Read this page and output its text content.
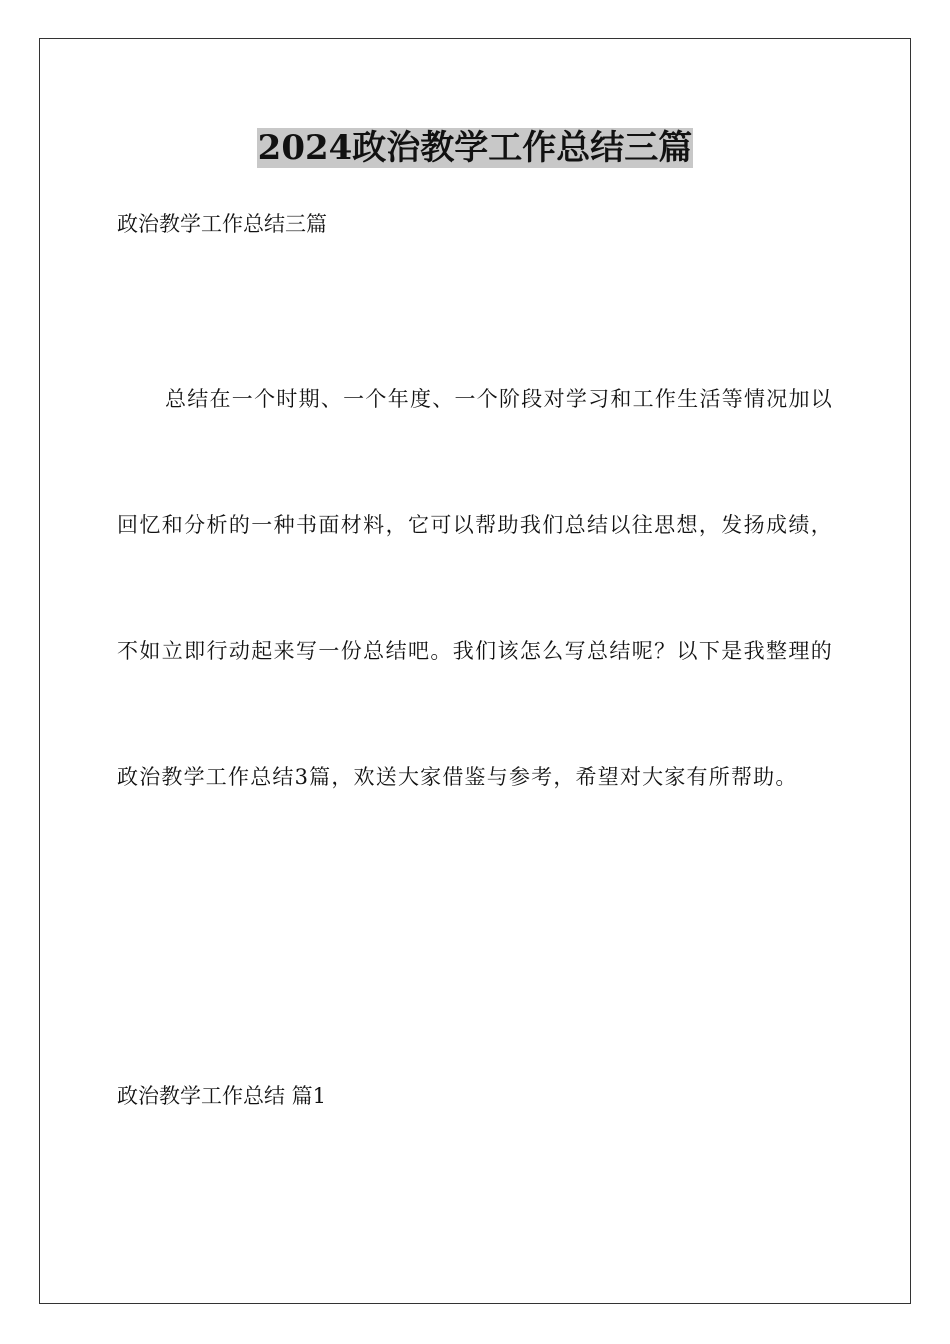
2024政治教学工作总结三篇
政治教学工作总结三篇

总结在一个时期、一个年度、一个阶段对学习和工作生活等情况加以回忆和分析的一种书面材料，它可以帮助我们总结以往思想，发扬成绩，不如立即行动起来写一份总结吧。我们该怎么写总结呢？以下是我整理的政治教学工作总结3篇，欢送大家借鉴与参考，希望对大家有所帮助。

政治教学工作总结 篇1
